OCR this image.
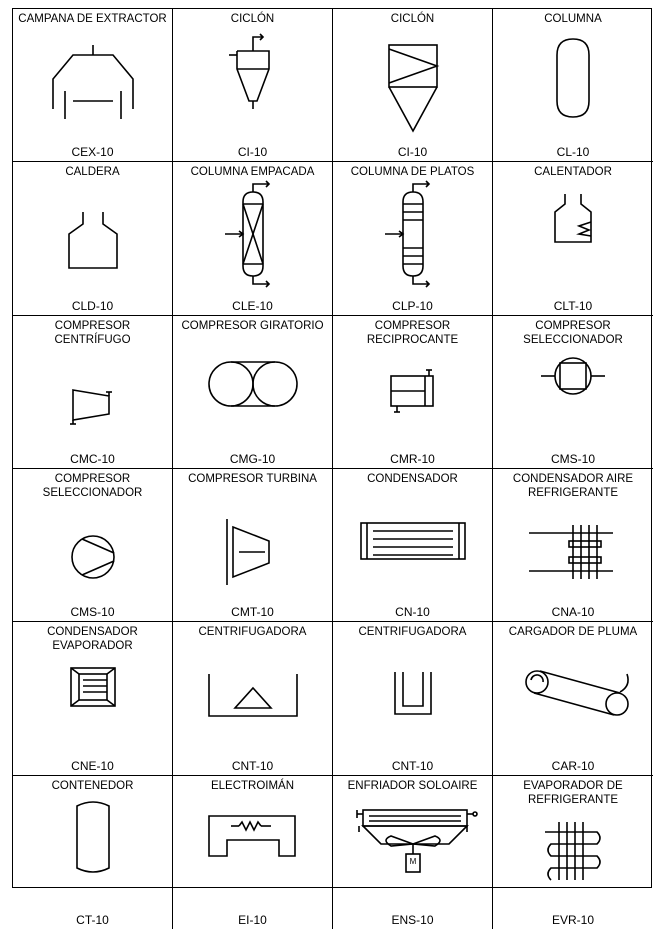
CAMPANA DE EXTRACTOR
CEX-10
CICLÓN
CI-10
CICLÓN
CI-10
COLUMNA
CL-10
CALDERA
CLD-10
COLUMNA EMPACADA
CLE-10
COLUMNA DE PLATOS
CLP-10
CALENTADOR
CLT-10
COMPRESOR CENTRÍFUGO
CMC-10
COMPRESOR GIRATORIO
CMG-10
COMPRESOR RECIPROCANTE
CMR-10
COMPRESOR SELECCIONADOR
CMS-10
COMPRESOR SELECCIONADOR
CMS-10
COMPRESOR TURBINA
CMT-10
CONDENSADOR
CN-10
CONDENSADOR AIRE REFRIGERANTE
CNA-10
CONDENSADOR EVAPORADOR
CNE-10
CENTRIFUGADORA
CNT-10
CENTRIFUGADORA
CNT-10
CARGADOR DE PLUMA
CAR-10
CONTENEDOR
CT-10
ELECTROIMÁN
EI-10
ENFRIADOR SOLOAIRE
M
ENS-10
EVAPORADOR DE REFRIGERANTE
EVR-10
